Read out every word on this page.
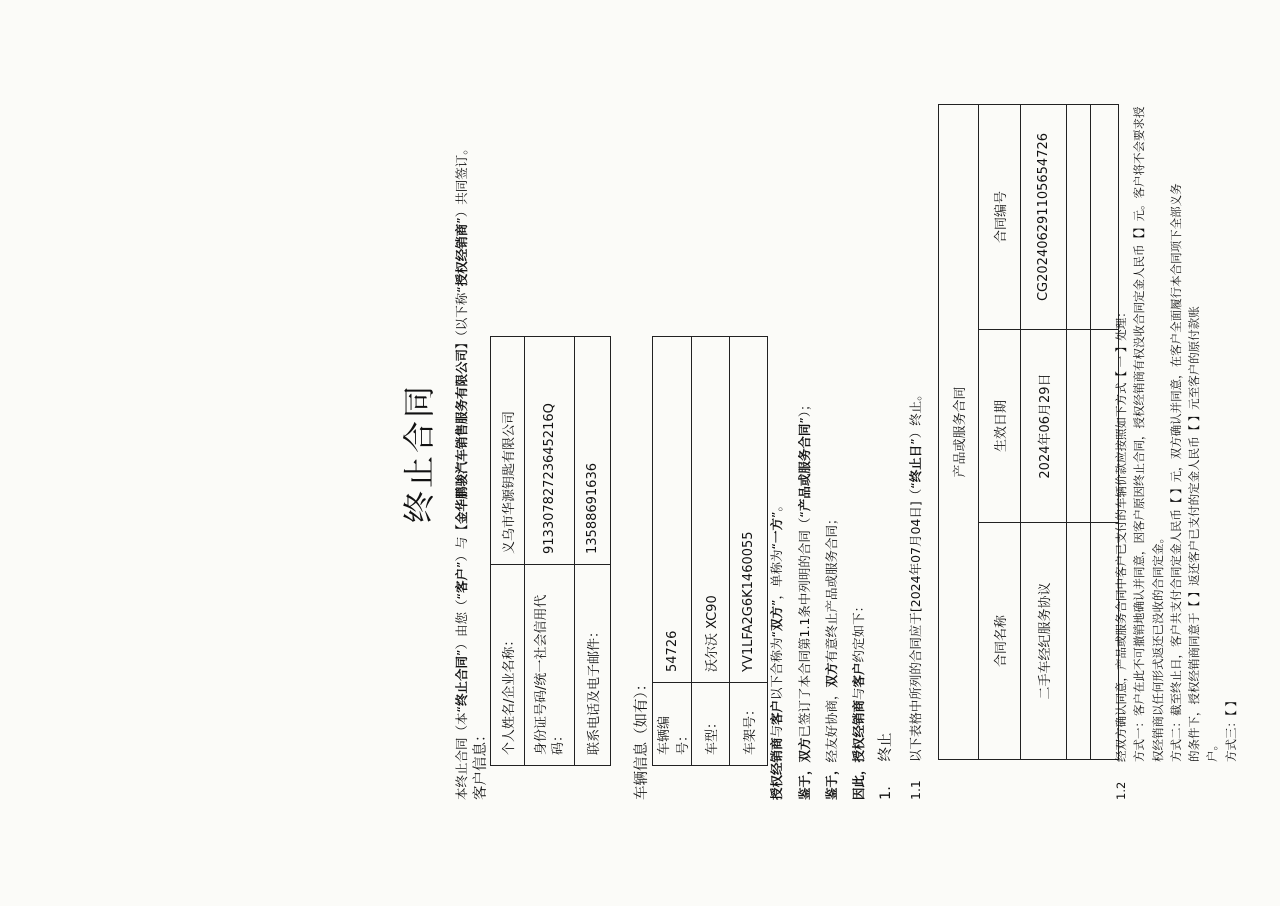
终止合同
本终止合同（本“终止合同”）由您（“客户”）与【金华鹏骏汽车销售服务有限公司】（以下称“授权经销商”）共同签订。
客户信息：
个人姓名/企业名称：	义乌市华源钥匙有限公司
身份证号码/统一社会信用代码：	91330782723645216Q
联系电话及电子邮件：	13588691636
车辆信息（如有）： 车辆编号：	54726
车型：	沃尔沃 XC90
车架号：	YV1LFA2G6K1460055
授权经销商与客户以下合称为“双方”，单称为“一方”。
鉴于，双方已签订了本合同第1.1条中列明的合同（“产品或服务合同”）；
鉴于，经友好协商，双方有意终止产品或服务合同；
因此，授权经销商与客户约定如下：
1. 终止
1.1 以下表格中所列的合同应于[2024年07月04日]（“终止日”）终止。 产品或服务合同		
合同名称	生效日期	合同编号
二手车经纪服务协议	2024年06月29日	CG20240629110565472​6

1.2
经双方确认同意，产品或服务合同中客户已支付的车辆价款应按照如下方式【 一 】处理： 方式一：客户在此不可撤销地确认并同意，因客户原因终止合同，授权经销商有权没收合同定金人民币【】元。客户将不会要求授 权经销商以任何形式返还已没收的合同定金。 方式二：截至终止日，客户共支付合同定金人民币【 】元，双方确认并同意，在客户全面履行本合同项下全部义务 的条件下，授权经销商同意于【 】返还客户已支付的定金人民币【 】元至客户的原付款账 户。 方式三：【 】
